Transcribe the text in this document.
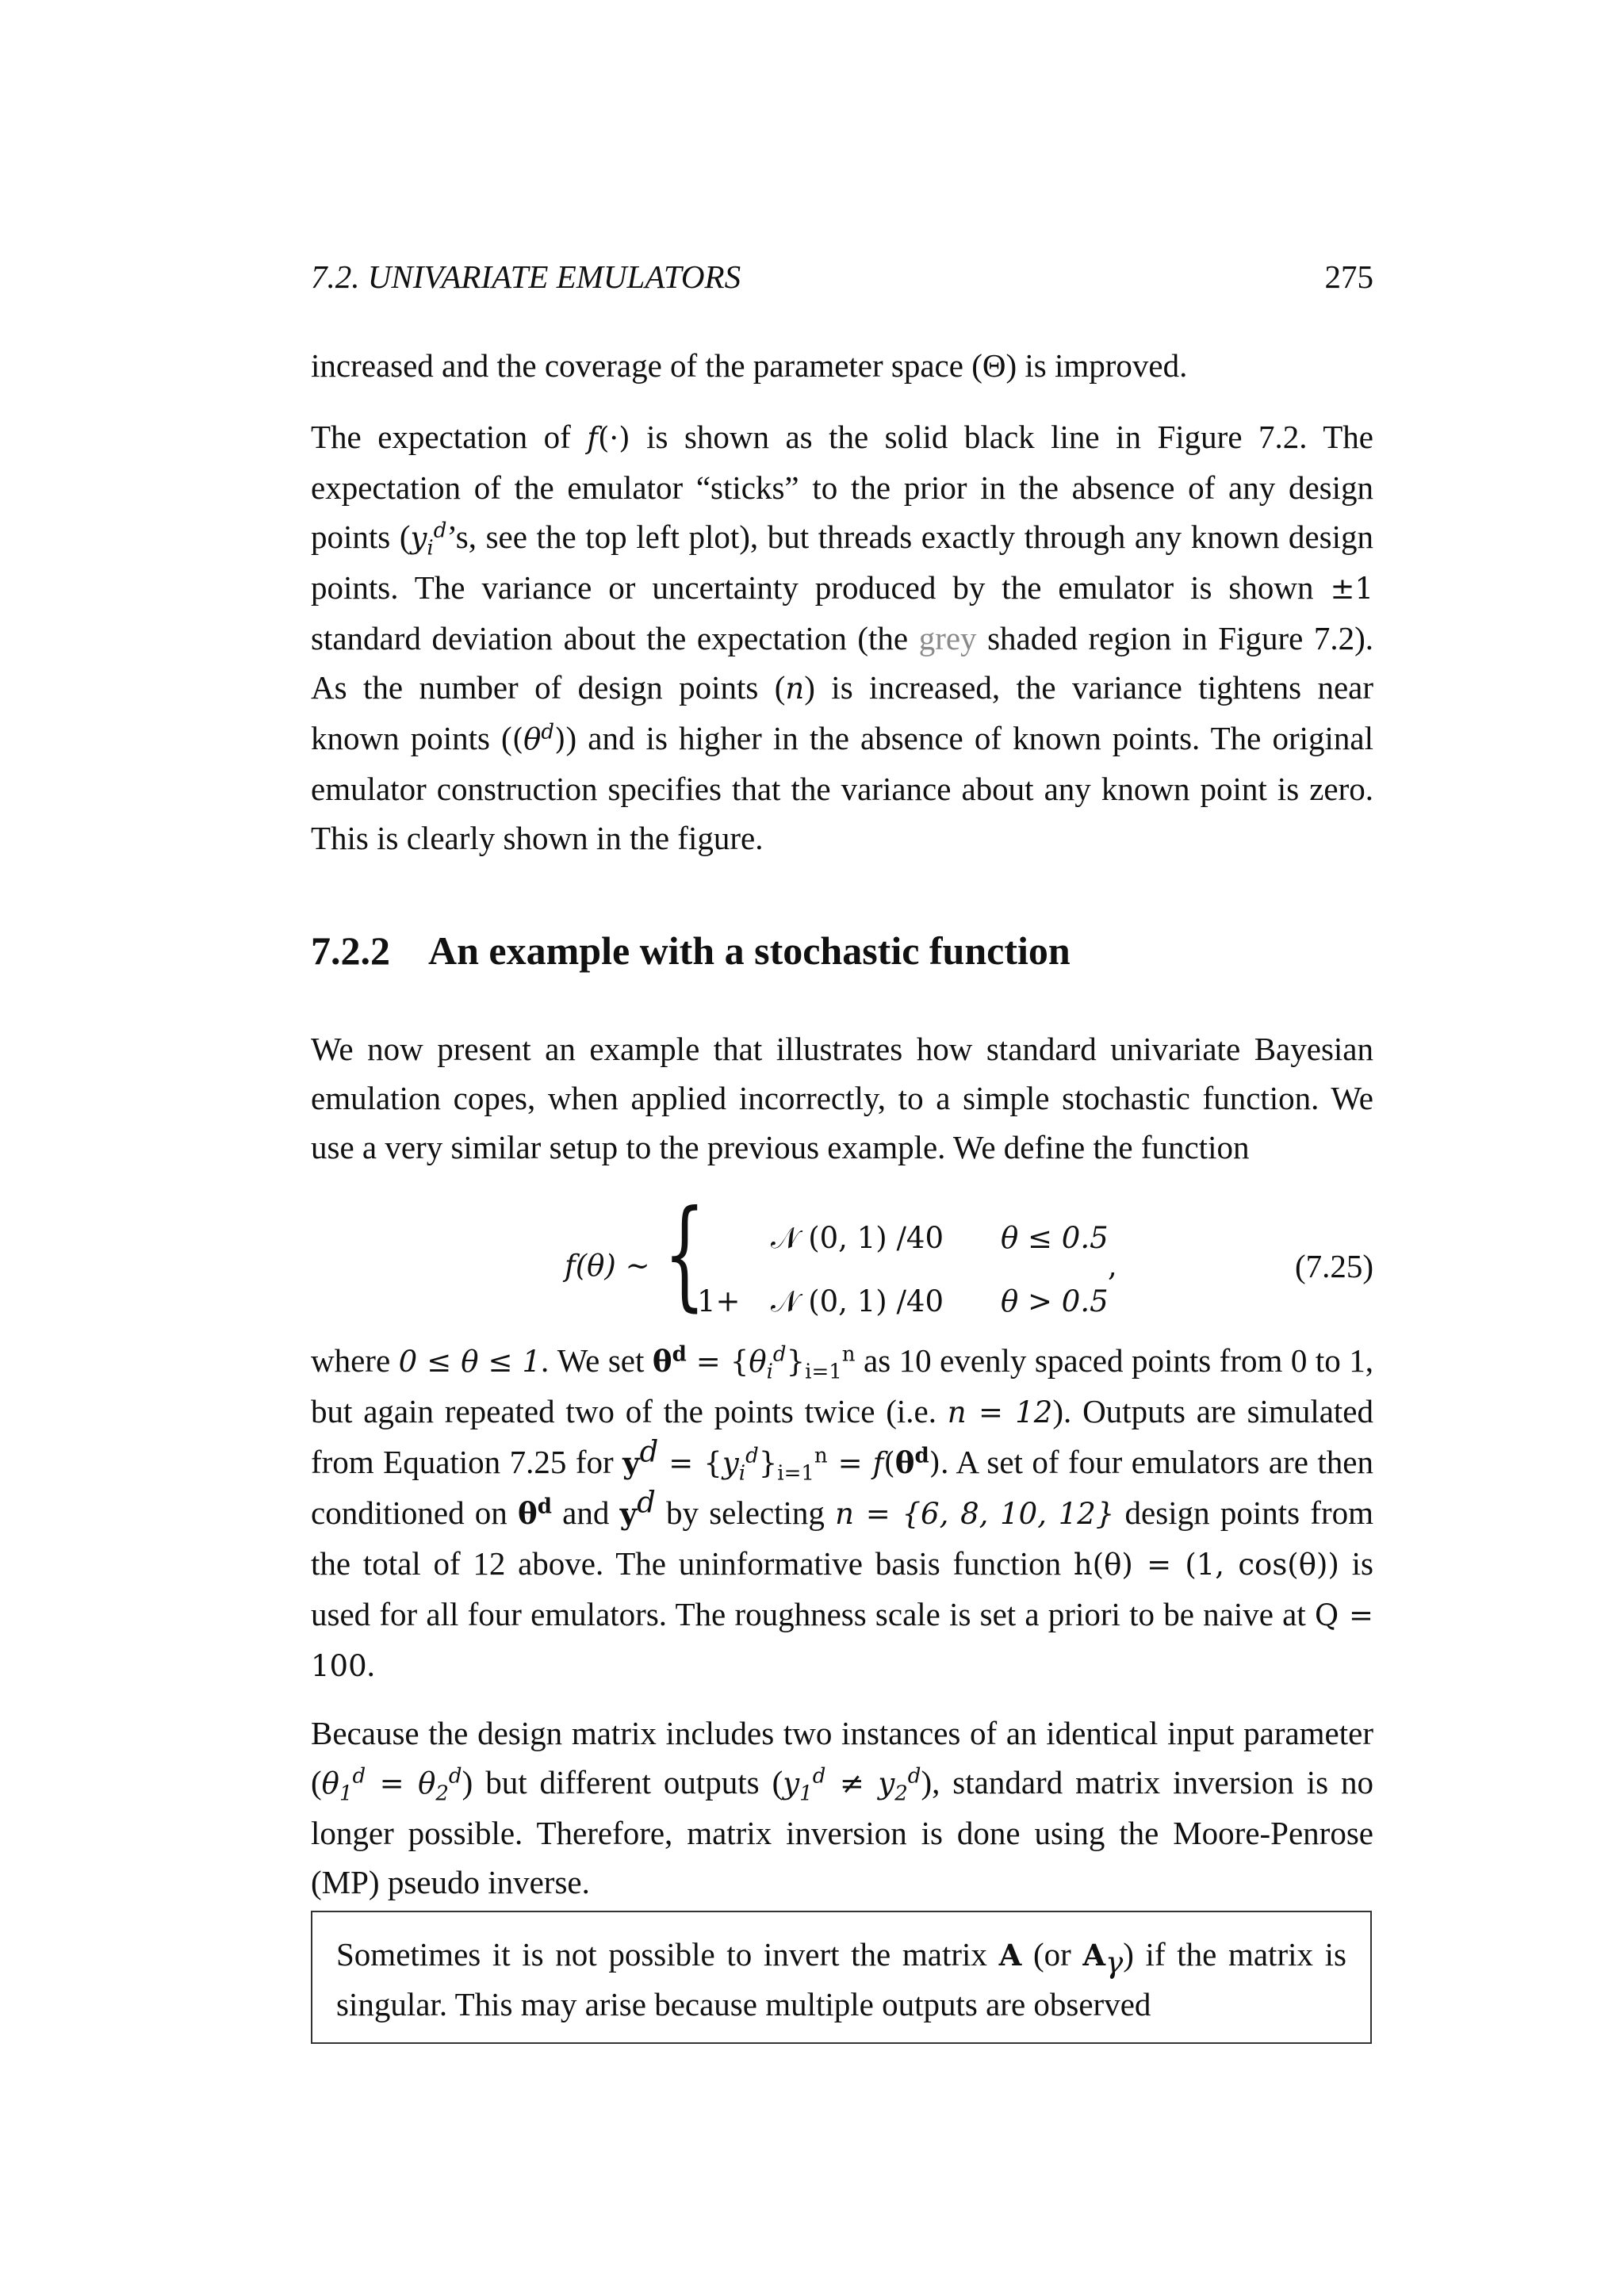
7.2. UNIVARIATE EMULATORS	275

increased and the coverage of the parameter space (Θ) is improved.

The expectation of f(·) is shown as the solid black line in Figure 7.2. The expectation of the emulator “sticks” to the prior in the absence of any design points ($y_i^d’s$, see the top left plot), but threads exactly through any known design points. The variance or uncertainty produced by the emulator is shown ±1 standard deviation about the expectation (the grey shaded region in Figure 7.2). As the number of design points (n) is increased, the variance tightens near known points $((\theta^d))$ and is higher in the absence of known points. The original emulator construction specifies that the variance about any known point is zero. This is clearly shown in the figure.

7.2.2 An example with a stochastic function

We now present an example that illustrates how standard univariate Bayesian emulation copes, when applied incorrectly, to a simple stochastic function. We use a very similar setup to the previous example. We define the function

f(θ) ~ { 𝒩 (0, 1) /40 θ ≤ 0.5
1+ 𝒩 (0, 1) /40 θ > 0.5
,	(7.25)

where 0 ≤ θ ≤ 1. We set $\theta^d = \{\theta_i^d\}_{i=1}^n$ as 10 evenly spaced points from 0 to 1, but again repeated two of the points twice (i.e. n = 12). Outputs are simulated from Equation 7.25 for $y^d = \{y_i^d\}_{i=1}^n = f(\theta^d)$. A set of four emulators are then conditioned on $\theta^d$ and $y^d$ by selecting n = {6, 8, 10, 12} design points from the total of 12 above. The uninformative basis function h(θ) = (1, cos(θ)) is used for all four emulators. The roughness scale is set a priori to be naive at Q = 100.

Because the design matrix includes two instances of an identical input parameter $(\theta_1^d = \theta_2^d)$ but different outputs $(y_1^d \ne y_2^d)$, standard matrix inversion is no longer possible. Therefore, matrix inversion is done using the Moore-Penrose (MP) pseudo inverse.

Sometimes it is not possible to invert the matrix A (or $A_\gamma$) if the matrix is singular. This may arise because multiple outputs are observed
